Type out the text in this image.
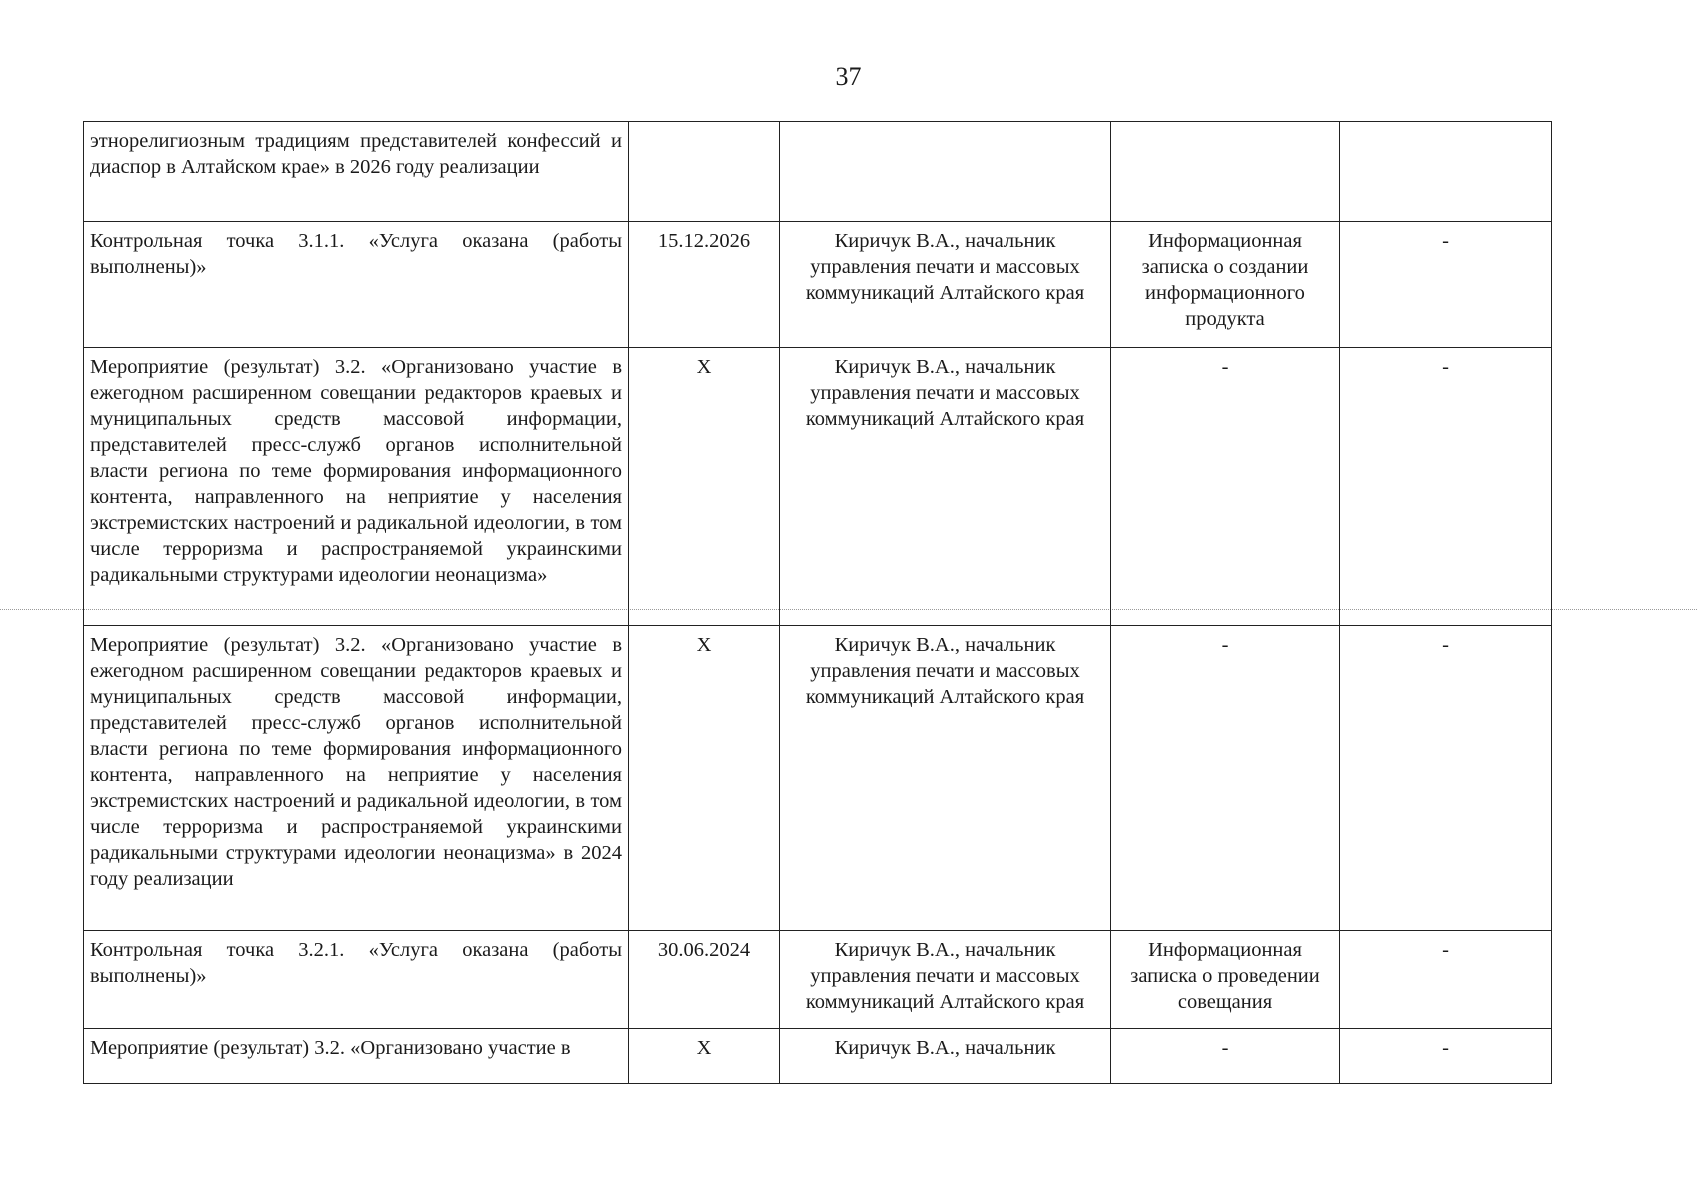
37
этнорелигиозным традициям представителей конфессий и диаспор в Алтайском крае» в 2026 году реализации				
Контрольная точка 3.1.1. «Услуга оказана (работы выполнены)»	15.12.2026	Киричук В.А., начальник управления печати и массовых коммуникаций Алтайского края	Информационная записка о создании информационного продукта	-
Мероприятие (результат) 3.2. «Организовано участие в ежегодном расширенном совещании редакторов краевых и муниципальных средств массовой информации, представителей пресс-служб органов исполнительной власти региона по теме формирования информационного контента, направленного на неприятие у населения экстремистских настроений и радикальной идеологии, в том числе терроризма и распространяемой украинскими радикальными структурами идеологии неонацизма»	Х	Киричук В.А., начальник управления печати и массовых коммуникаций Алтайского края	-	-
Мероприятие (результат) 3.2. «Организовано участие в ежегодном расширенном совещании редакторов краевых и муниципальных средств массовой информации, представителей пресс-служб органов исполнительной власти региона по теме формирования информационного контента, направленного на неприятие у населения экстремистских настроений и радикальной идеологии, в том числе терроризма и распространяемой украинскими радикальными структурами идеологии неонацизма» в 2024 году реализации	Х	Киричук В.А., начальник управления печати и массовых коммуникаций Алтайского края	-	-
Контрольная точка 3.2.1. «Услуга оказана (работы выполнены)»	30.06.2024	Киричук В.А., начальник управления печати и массовых коммуникаций Алтайского края	Информационная записка о проведении совещания	-
Мероприятие (результат) 3.2. «Организовано участие в	Х	Киричук В.А., начальник	-	-
